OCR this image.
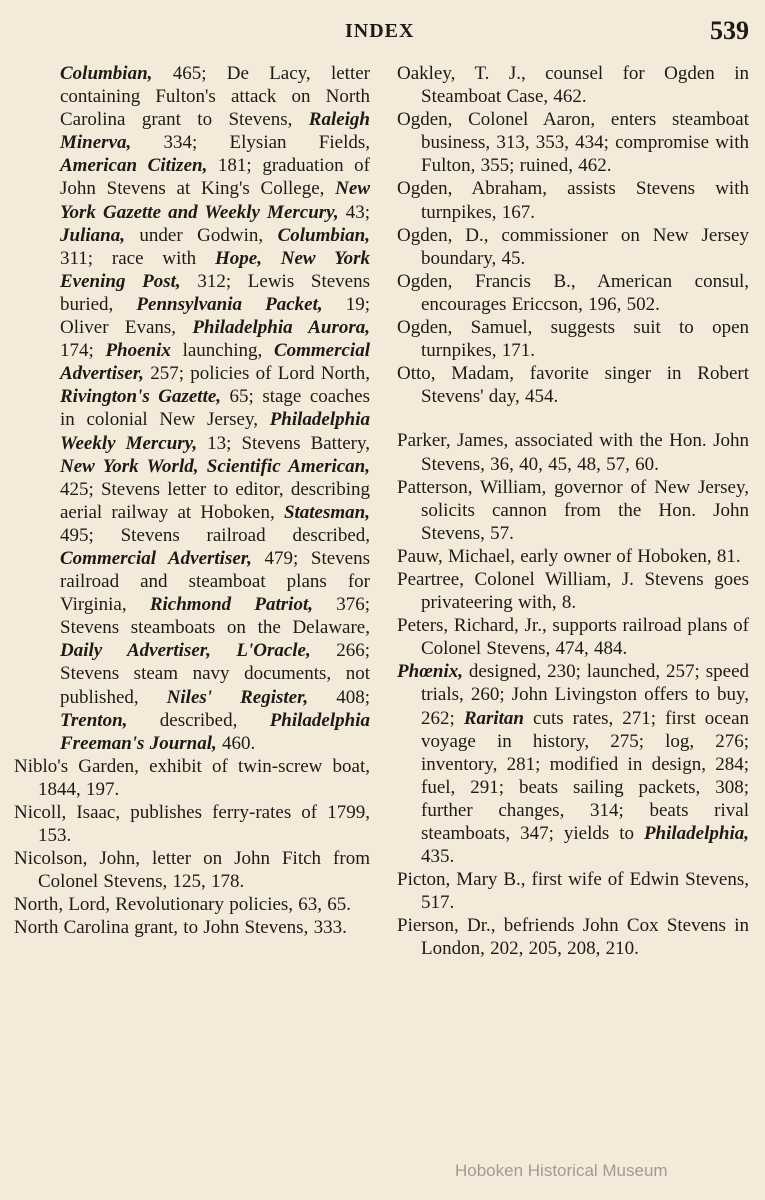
INDEX	539

Columbian, 465; De Lacy, letter containing Fulton's attack on North Carolina grant to Stevens, Raleigh Minerva, 334; Elysian Fields, American Citizen, 181; graduation of John Stevens at King's College, New York Gazette and Weekly Mercury, 43; Juliana, under Godwin, Columbian, 311; race with Hope, New York Evening Post, 312; Lewis Stevens buried, Pennsylvania Packet, 19; Oliver Evans, Philadelphia Aurora, 174; Phoenix launching, Commercial Advertiser, 257; policies of Lord North, Rivington's Gazette, 65; stage coaches in colonial New Jersey, Philadelphia Weekly Mercury, 13; Stevens Battery, New York World, Scientific American, 425; Stevens letter to editor, describing aerial railway at Hoboken, Statesman, 495; Stevens railroad described, Commercial Advertiser, 479; Stevens railroad and steamboat plans for Virginia, Richmond Patriot, 376; Stevens steamboats on the Delaware, Daily Advertiser, L'Oracle, 266; Stevens steam navy documents, not published, Niles' Register, 408; Trenton, described, Philadelphia Freeman's Journal, 460.

Niblo's Garden, exhibit of twin-screw boat, 1844, 197.

Nicoll, Isaac, publishes ferry-rates of 1799, 153.

Nicolson, John, letter on John Fitch from Colonel Stevens, 125, 178.

North, Lord, Revolutionary policies, 63, 65.

North Carolina grant, to John Stevens, 333.

Oakley, T. J., counsel for Ogden in Steamboat Case, 462.

Ogden, Colonel Aaron, enters steamboat business, 313, 353, 434; compromise with Fulton, 355; ruined, 462.

Ogden, Abraham, assists Stevens with turnpikes, 167.

Ogden, D., commissioner on New Jersey boundary, 45.

Ogden, Francis B., American consul, encourages Ericcson, 196, 502.

Ogden, Samuel, suggests suit to open turnpikes, 171.

Otto, Madam, favorite singer in Robert Stevens' day, 454.

Parker, James, associated with the Hon. John Stevens, 36, 40, 45, 48, 57, 60.

Patterson, William, governor of New Jersey, solicits cannon from the Hon. John Stevens, 57.

Pauw, Michael, early owner of Hoboken, 81.

Peartree, Colonel William, J. Stevens goes privateering with, 8.

Peters, Richard, Jr., supports railroad plans of Colonel Stevens, 474, 484.

Phœnix, designed, 230; launched, 257; speed trials, 260; John Livingston offers to buy, 262; Raritan cuts rates, 271; first ocean voyage in history, 275; log, 276; inventory, 281; modified in design, 284; fuel, 291; beats sailing packets, 308; further changes, 314; beats rival steamboats, 347; yields to Philadelphia, 435.

Picton, Mary B., first wife of Edwin Stevens, 517.

Pierson, Dr., befriends John Cox Stevens in London, 202, 205, 208, 210.

Hoboken Historical Museum
